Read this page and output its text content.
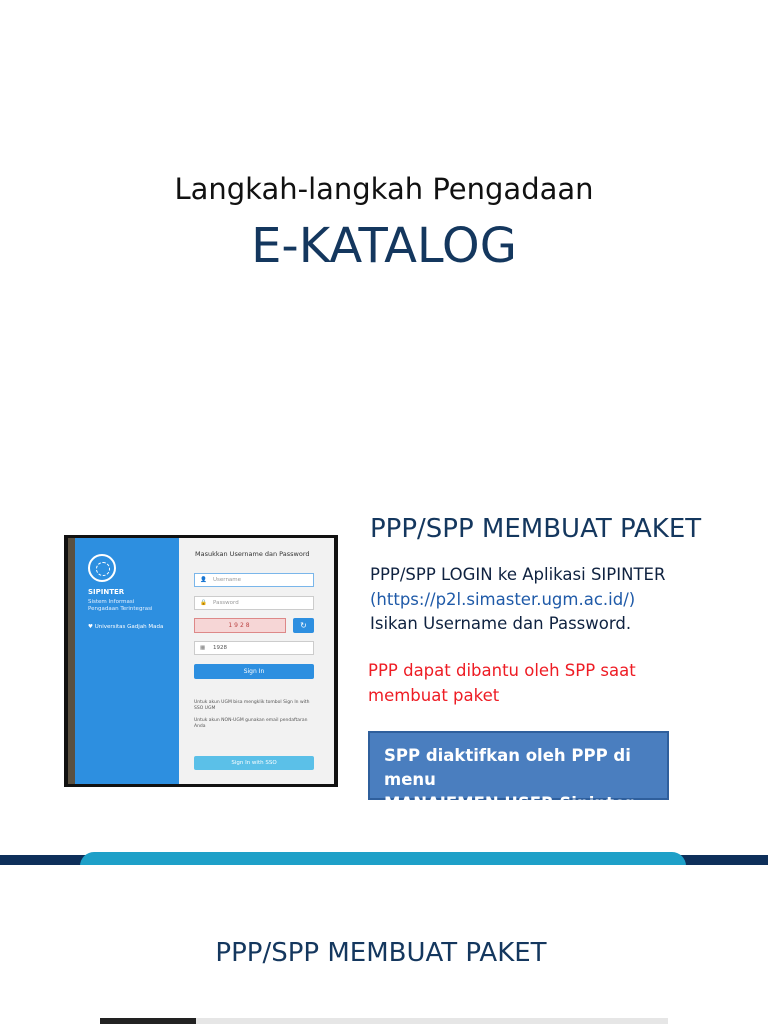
Langkah-langkah Pengadaan
E-KATALOG
SIPINTER
Sistem Informasi
Pengadaan Terintegrasi
♥ Universitas Gadjah Mada
Masukkan Username dan Password
👤 Username
🔒 Password
1928	↻
▦ 1928
Sign In
Untuk akun UGM bisa mengklik tombol Sign In with SSO UGM
Untuk akun NON-UGM gunakan email pendaftaran Anda
Sign In with SSO
PPP/SPP MEMBUAT PAKET
PPP/SPP LOGIN ke Aplikasi SIPINTER
(https://p2l.simaster.ugm.ac.id/)
Isikan Username dan Password.
PPP dapat dibantu oleh SPP saat
membuat paket
SPP diaktifkan oleh PPP di menu
MANAJEMEN USER Sipinter
PPP/SPP MEMBUAT PAKET
